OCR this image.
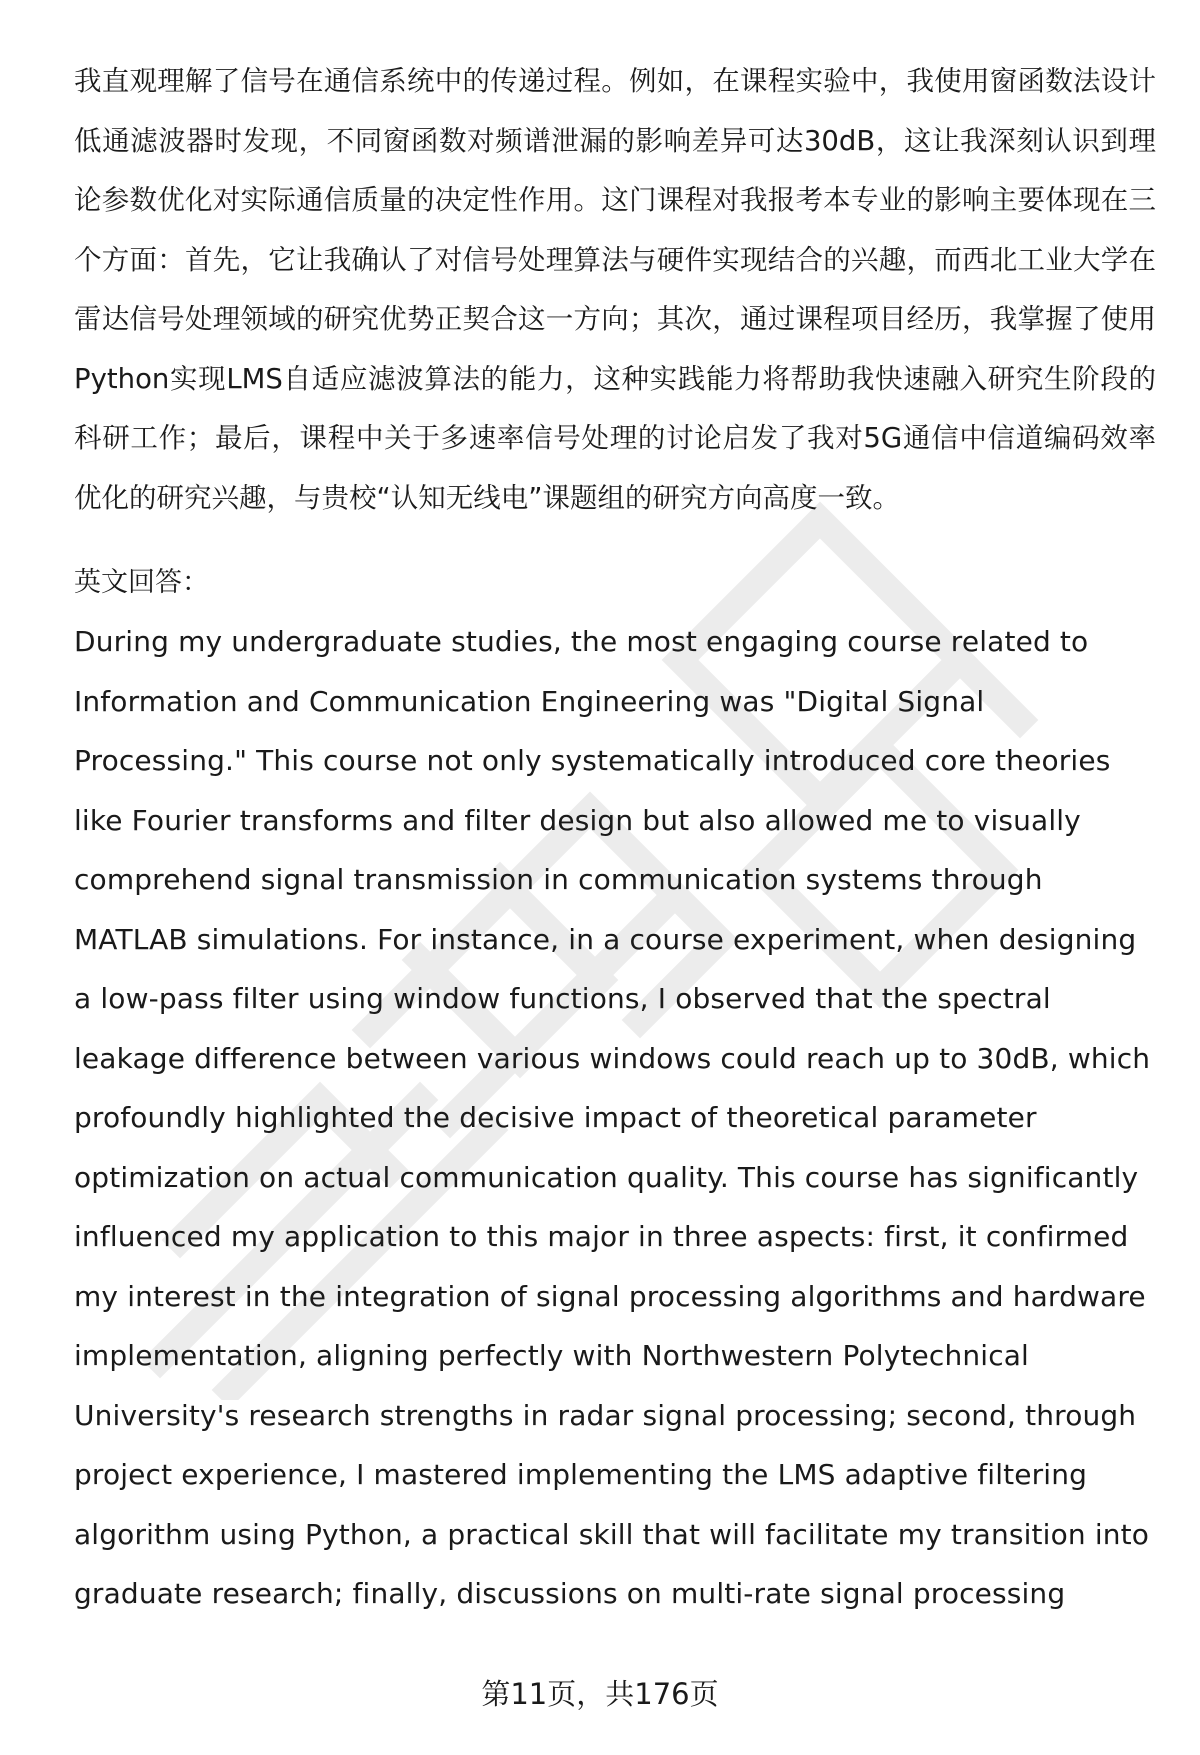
我直观理解了信号在通信系统中的传递过程。例如，在课程实验中，我使用窗函数法设计低通滤波器时发现，不同窗函数对频谱泄漏的影响差异可达30dB，这让我深刻认识到理论参数优化对实际通信质量的决定性作用。这门课程对我报考本专业的影响主要体现在三个方面：首先，它让我确认了对信号处理算法与硬件实现结合的兴趣，而西北工业大学在雷达信号处理领域的研究优势正契合这一方向；其次，通过课程项目经历，我掌握了使用Python实现LMS自适应滤波算法的能力，这种实践能力将帮助我快速融入研究生阶段的科研工作；最后，课程中关于多速率信号处理的讨论启发了我对5G通信中信道编码效率优化的研究兴趣，与贵校“认知无线电”课题组的研究方向高度一致。

英文回答：

During my undergraduate studies, the most engaging course related to Information and Communication Engineering was "Digital Signal Processing." This course not only systematically introduced core theories like Fourier transforms and filter design but also allowed me to visually comprehend signal transmission in communication systems through MATLAB simulations. For instance, in a course experiment, when designing a low-pass filter using window functions, I observed that the spectral leakage difference between various windows could reach up to 30dB, which profoundly highlighted the decisive impact of theoretical parameter optimization on actual communication quality. This course has significantly influenced my application to this major in three aspects: first, it confirmed my interest in the integration of signal processing algorithms and hardware implementation, aligning perfectly with Northwestern Polytechnical University's research strengths in radar signal processing; second, through project experience, I mastered implementing the LMS adaptive filtering algorithm using Python, a practical skill that will facilitate my transition into graduate research; finally, discussions on multi-rate signal processing

第11页，共176页
